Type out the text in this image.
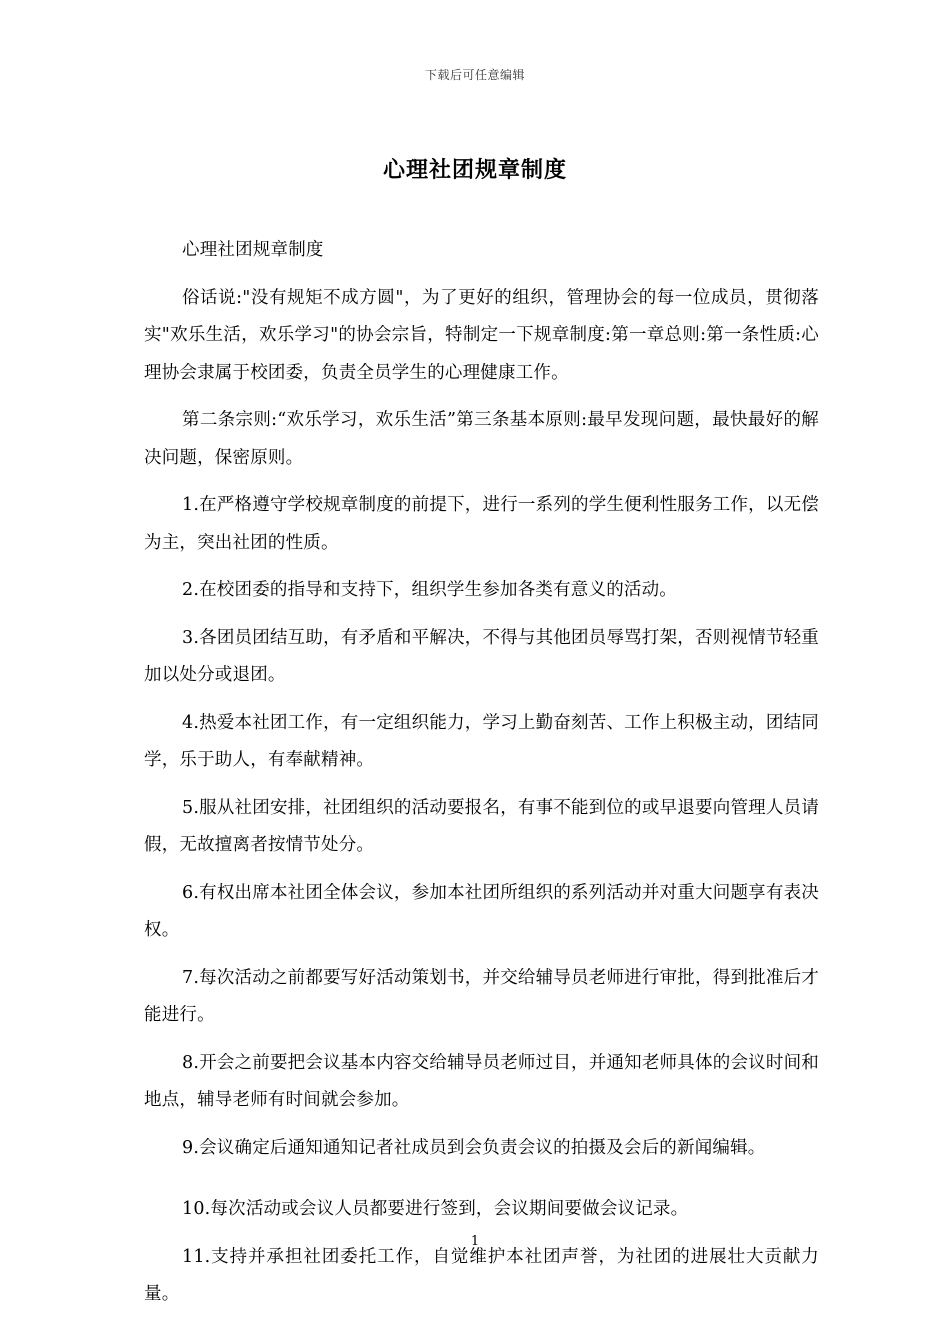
下载后可任意编辑
心理社团规章制度

心理社团规章制度

俗话说:"没有规矩不成方圆"，为了更好的组织，管理协会的每一位成员，贯彻落实"欢乐生活，欢乐学习"的协会宗旨，特制定一下规章制度:第一章总则:第一条性质:心理协会隶属于校团委，负责全员学生的心理健康工作。

第二条宗则:“欢乐学习，欢乐生活”第三条基本原则:最早发现问题，最快最好的解决问题，保密原则。

1.在严格遵守学校规章制度的前提下，进行一系列的学生便利性服务工作，以无偿为主，突出社团的性质。

2.在校团委的指导和支持下，组织学生参加各类有意义的活动。

3.各团员团结互助，有矛盾和平解决，不得与其他团员辱骂打架，否则视情节轻重加以处分或退团。

4.热爱本社团工作，有一定组织能力，学习上勤奋刻苦、工作上积极主动，团结同学，乐于助人，有奉献精神。

5.服从社团安排，社团组织的活动要报名，有事不能到位的或早退要向管理人员请假，无故擅离者按情节处分。

6.有权出席本社团全体会议，参加本社团所组织的系列活动并对重大问题享有表决权。

7.每次活动之前都要写好活动策划书，并交给辅导员老师进行审批，得到批准后才能进行。

8.开会之前要把会议基本内容交给辅导员老师过目，并通知老师具体的会议时间和地点，辅导老师有时间就会参加。

9.会议确定后通知通知记者社成员到会负责会议的拍摄及会后的新闻编辑。

10.每次活动或会议人员都要进行签到，会议期间要做会议记录。

11.支持并承担社团委托工作，自觉维护本社团声誉，为社团的进展壮大贡献力量。

1
